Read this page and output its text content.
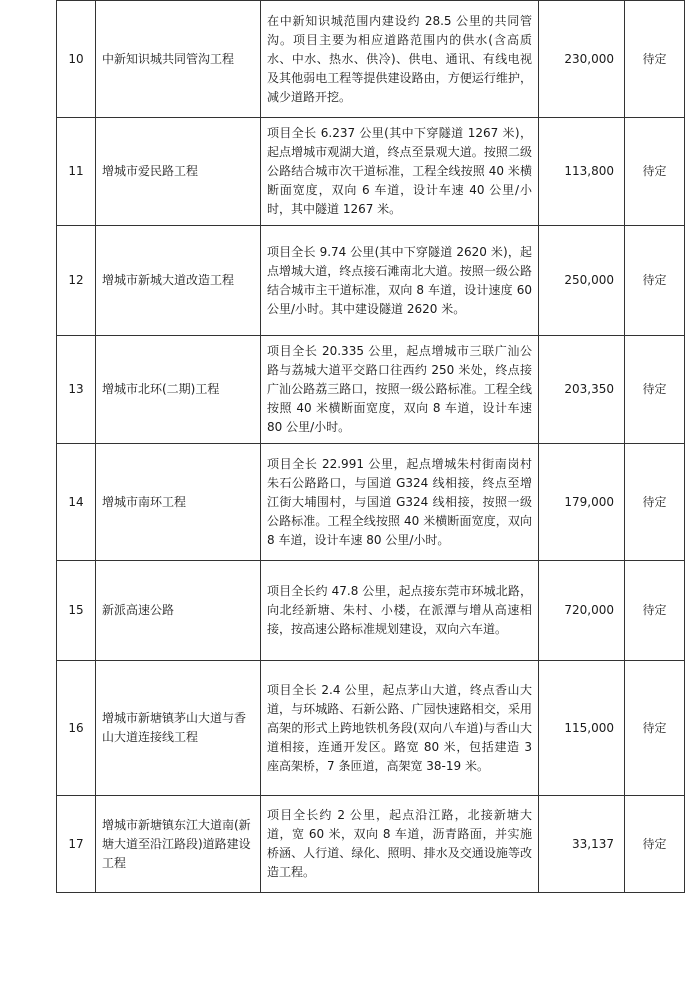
10	中新知识城共同管沟工程	在中新知识城范围内建设约 28.5 公里的共同管沟。项目主要为相应道路范围内的供水(含高质水、中水、热水、供冷)、供电、通讯、有线电视及其他弱电工程等提供建设路由，方便运行维护，减少道路开挖。	230,000	待定
11	增城市爱民路工程	项目全长 6.237 公里(其中下穿隧道 1267 米)，起点增城市观湖大道，终点至景观大道。按照二级公路结合城市次干道标准，工程全线按照 40 米横断面宽度，双向 6 车道，设计车速 40 公里/小时，其中隧道 1267 米。	113,800	待定
12	增城市新城大道改造工程	项目全长 9.74 公里(其中下穿隧道 2620 米)，起点增城大道，终点接石滩南北大道。按照一级公路结合城市主干道标准，双向 8 车道，设计速度 60 公里/小时。其中建设隧道 2620 米。	250,000	待定
13	增城市北环(二期)工程	项目全长 20.335 公里，起点增城市三联广汕公路与荔城大道平交路口往西约 250 米处，终点接广汕公路荔三路口，按照一级公路标准。工程全线按照 40 米横断面宽度，双向 8 车道，设计车速 80 公里/小时。	203,350	待定
14	增城市南环工程	项目全长 22.991 公里，起点增城朱村街南岗村朱石公路路口，与国道 G324 线相接，终点至增江街大埔围村，与国道 G324 线相接，按照一级公路标准。工程全线按照 40 米横断面宽度，双向 8 车道，设计车速 80 公里/小时。	179,000	待定
15	新派高速公路	项目全长约 47.8 公里，起点接东莞市环城北路，向北经新塘、朱村、小楼，在派潭与增从高速相接，按高速公路标准规划建设，双向六车道。	720,000	待定
16	增城市新塘镇茅山大道与香山大道连接线工程	项目全长 2.4 公里，起点茅山大道，终点香山大道，与环城路、石新公路、广园快速路相交，采用高架的形式上跨地铁机务段(双向八车道)与香山大道相接，连通开发区。路宽 80 米，包括建造 3 座高架桥，7 条匝道，高架宽 38-19 米。	115,000	待定
17	增城市新塘镇东江大道南(新塘大道至沿江路段)道路建设工程	项目全长约 2 公里，起点沿江路，北接新塘大道，宽 60 米，双向 8 车道，沥青路面，并实施桥涵、人行道、绿化、照明、排水及交通设施等改造工程。	33,137	待定
